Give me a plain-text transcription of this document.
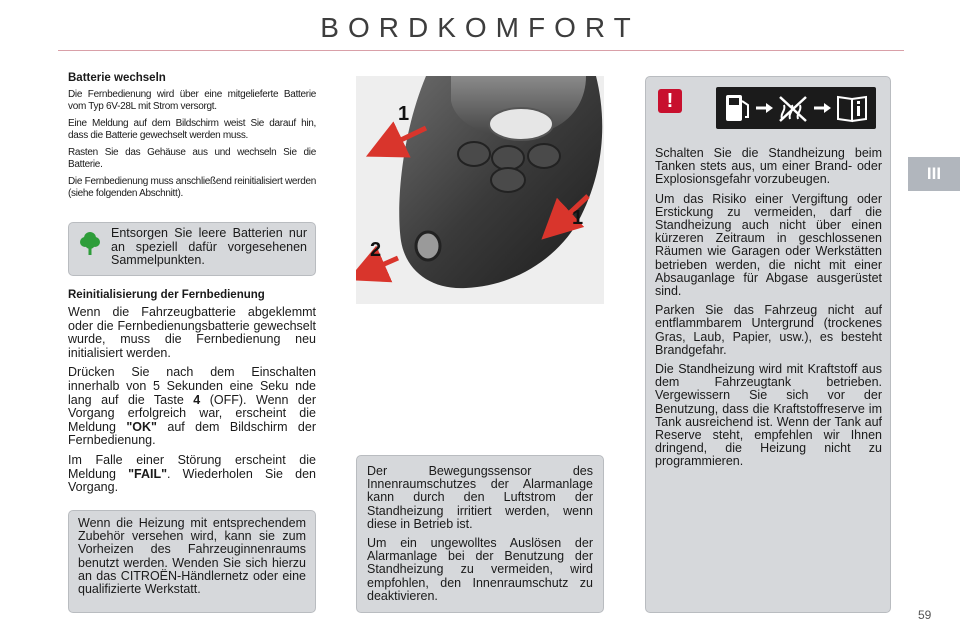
BORDKOMFORT
III
59
Batterie wechseln

Die Fernbedienung wird über eine mitgelieferte Batterie vom Typ 6V-28L mit Strom versorgt.

Eine Meldung auf dem Bildschirm weist Sie darauf hin, dass die Batterie gewechselt werden muss.

Rasten Sie das Gehäuse aus und wechseln Sie die Batterie.

Die Fernbedienung muss anschließend reinitialisiert werden (siehe folgenden Abschnitt).

Entsorgen Sie leere Batterien nur an speziell dafür vorgesehenen Sammelpunkten.
Reinitialisierung der Fernbedienung

Wenn die Fahrzeugbatterie abgeklemmt oder die Fernbedienungsbatterie gewechselt wurde, muss die Fernbedienung neu initialisiert werden.

Drücken Sie nach dem Einschalten innerhalb von 5 Sekunden eine Seku nde lang auf die Taste 4 (OFF). Wenn der Vorgang erfolgreich war, erscheint die Meldung "OK" auf dem Bildschirm der Fernbedienung.

Im Falle einer Störung erscheint die Meldung "FAIL". Wiederholen Sie den Vorgang.

Wenn die Heizung mit entsprechendem Zubehör versehen wird, kann sie zum Vorheizen des Fahrzeuginnenraums benutzt werden. Wenden Sie sich hierzu an das CITROËN-Händlernetz oder eine qualifizierte Werkstatt.
1
1
2

Der Bewegungssensor des Innenraumschutzes der Alarmanlage kann durch den Luftstrom der Standheizung irritiert werden, wenn diese in Betrieb ist.

Um ein ungewolltes Auslösen der Alarmanlage bei der Benutzung der Standheizung zu vermeiden, wird empfohlen, den Innenraumschutz zu deaktivieren.

!

Schalten Sie die Standheizung beim Tanken stets aus, um einer Brand- oder Explosionsgefahr vorzubeugen.

Um das Risiko einer Vergiftung oder Erstickung zu vermeiden, darf die Standheizung auch nicht über einen kürzeren Zeitraum in geschlossenen Räumen wie Garagen oder Werkstätten betrieben werden, die nicht mit einer Absauganlage für Abgase ausgerüstet sind.

Parken Sie das Fahrzeug nicht auf entflammbarem Untergrund (trockenes Gras, Laub, Papier, usw.), es besteht Brandgefahr.

Die Standheizung wird mit Kraftstoff aus dem Fahrzeugtank betrieben. Vergewissern Sie sich vor der Benutzung, dass die Kraftstoffreserve im Tank ausreichend ist. Wenn der Tank auf Reserve steht, empfehlen wir Ihnen dringend, die Heizung nicht zu programmieren.
